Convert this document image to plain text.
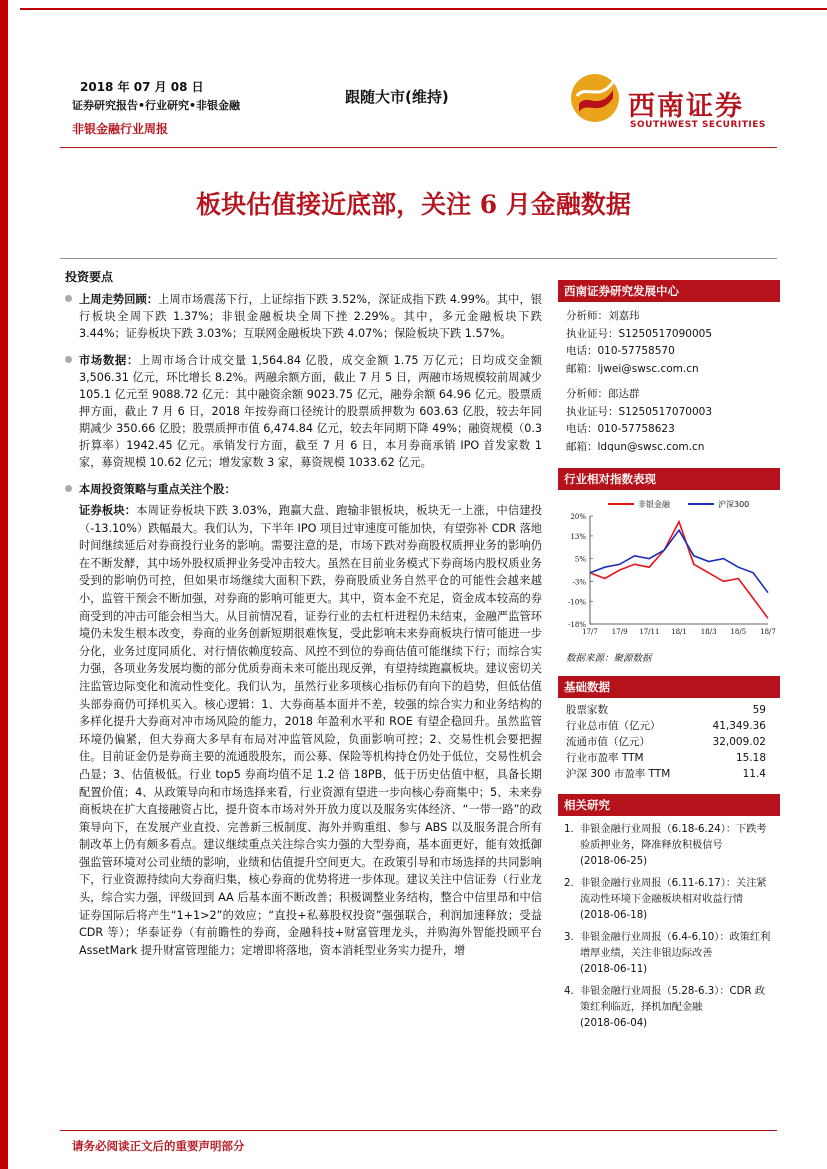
2018 年 07 月 08 日
证券研究报告•行业研究•非银金融
非银金融行业周报
跟随大市(维持)	西南证券
SOUTHWEST SECURITIES
板块估值接近底部，关注 6 月金融数据
投资要点
上周走势回顾：上周市场震荡下行，上证综指下跌 3.52%，深证成指下跌 4.99%。其中，银行板块全周下跌 1.37%；非银金融板块全周下挫 2.29%。其中，多元金融板块下跌 3.44%；证券板块下跌 3.03%；互联网金融板块下跌 4.07%；保险板块下跌 1.57%。
市场数据：上周市场合计成交量 1,564.84 亿股，成交金额 1.75 万亿元；日均成交金额 3,506.31 亿元，环比增长 8.2%。两融余额方面，截止 7 月 5 日，两融市场规模较前周减少 105.1 亿元至 9088.72 亿元：其中融资余额 9023.75 亿元，融券余额 64.96 亿元。股票质押方面，截止 7 月 6 日，2018 年按券商口径统计的股票质押数为 603.63 亿股，较去年同期减少 350.66 亿股；股票质押市值 6,474.84 亿元，较去年同期下降 49%；融资规模（0.3 折算率）1942.45 亿元。承销发行方面，截至 7 月 6 日，本月券商承销 IPO 首发家数 1 家，募资规模 10.62 亿元；增发家数 3 家，募资规模 1033.62 亿元。
本周投资策略与重点关注个股：
证券板块：本周证券板块下跌 3.03%，跑赢大盘、跑输非银板块，板块无一上涨，中信建投（-13.10%）跌幅最大。我们认为，下半年 IPO 项目过审速度可能加快，有望弥补 CDR 落地时间继续延后对券商投行业务的影响。需要注意的是，市场下跌对券商股权质押业务的影响仍在不断发酵，其中场外股权质押业务受冲击较大。虽然在目前业务模式下券商场内股权质业务受到的影响仍可控，但如果市场继续大面积下跌，券商股质业务自然平仓的可能性会越来越小，监管干预会不断加强，对券商的影响可能更大。其中，资本金不充足，资金成本较高的券商受到的冲击可能会相当大。从目前情况看，证券行业的去杠杆进程仍未结束，金融严监管环境仍未发生根本改变，券商的业务创新短期很难恢复，受此影响未来券商板块行情可能进一步分化，业务过度同质化、对行情依赖度较高、风控不到位的券商估值可能继续下行；而综合实力强，各项业务发展均衡的部分优质券商未来可能出现反弹，有望持续跑赢板块。建议密切关注监管边际变化和流动性变化。我们认为，虽然行业多项核心指标仍有向下的趋势，但低估值头部券商仍可择机买入。核心逻辑：1、大券商基本面并不差，较强的综合实力和业务结构的多样化提升大券商对冲市场风险的能力，2018 年盈利水平和 ROE 有望企稳回升。虽然监管环境仍偏紧，但大券商大多早有布局对冲监管风险，负面影响可控；2、交易性机会要把握住。目前证金仍是券商主要的流通股股东，而公募、保险等机构持仓仍处于低位，交易性机会凸显；3、估值极低。行业 top5 券商均值不足 1.2 倍 18PB，低于历史估值中枢，具备长期配置价值；4、从政策导向和市场选择来看，行业资源有望进一步向核心券商集中；5、未来券商板块在扩大直接融资占比，提升资本市场对外开放力度以及服务实体经济、“一带一路”的政策导向下，在发展产业直投、完善新三板制度、海外并购重组、参与 ABS 以及服务混合所有制改革上仍有颇多看点。建议继续重点关注综合实力强的大型券商，基本面更好，能有效抵御强监管环境对公司业绩的影响，业绩和估值提升空间更大。在政策引导和市场选择的共同影响下，行业资源持续向大券商归集，核心券商的优势将进一步体现。建议关注中信证券（行业龙头，综合实力强，评级回到 AA 后基本面不断改善；积极调整业务结构，整合中信里昂和中信证券国际后将产生“1+1>2”的效应；“直投+私募股权投资”强强联合，利润加速释放；受益 CDR 等）；华泰证券（有前瞻性的券商，金融科技+财富管理龙头，并购海外智能投顾平台 AssetMark 提升财富管理能力；定增即将落地，资本消耗型业务实力提升，增
西南证券研究发展中心
分析师：刘嘉玮
执业证号：S1250517090005
电话：010-57758570
邮箱：ljwei@swsc.com.cn
分析师：郎达群
执业证号：S1250517070003
电话：010-57758623
邮箱：ldqun@swsc.com.cn
行业相对指数表现
非银金融	沪深300
20%
13%
5%
-3%
-10%
-18%
17/7 17/9 17/11 18/1 18/3 18/5 18/7
数据来源：聚源数据
基础数据
股票家数	59
行业总市值（亿元）	41,349.36
流通市值（亿元）	32,009.02
行业市盈率 TTM	15.18
沪深 300 市盈率 TTM	11.4
相关研究
1. 非银金融行业周报（6.18-6.24）：下跌考验质押业务，降准释放积极信号
(2018-06-25)
2. 非银金融行业周报（6.11-6.17）：关注紧流动性环境下金融板块相对收益行情
(2018-06-18)
3. 非银金融行业周报（6.4-6.10）：政策红利增厚业绩，关注非银边际改善
(2018-06-11)
4. 非银金融行业周报（5.28-6.3）：CDR 政策红利临近，择机加配金融
(2018-06-04)
请务必阅读正文后的重要声明部分
